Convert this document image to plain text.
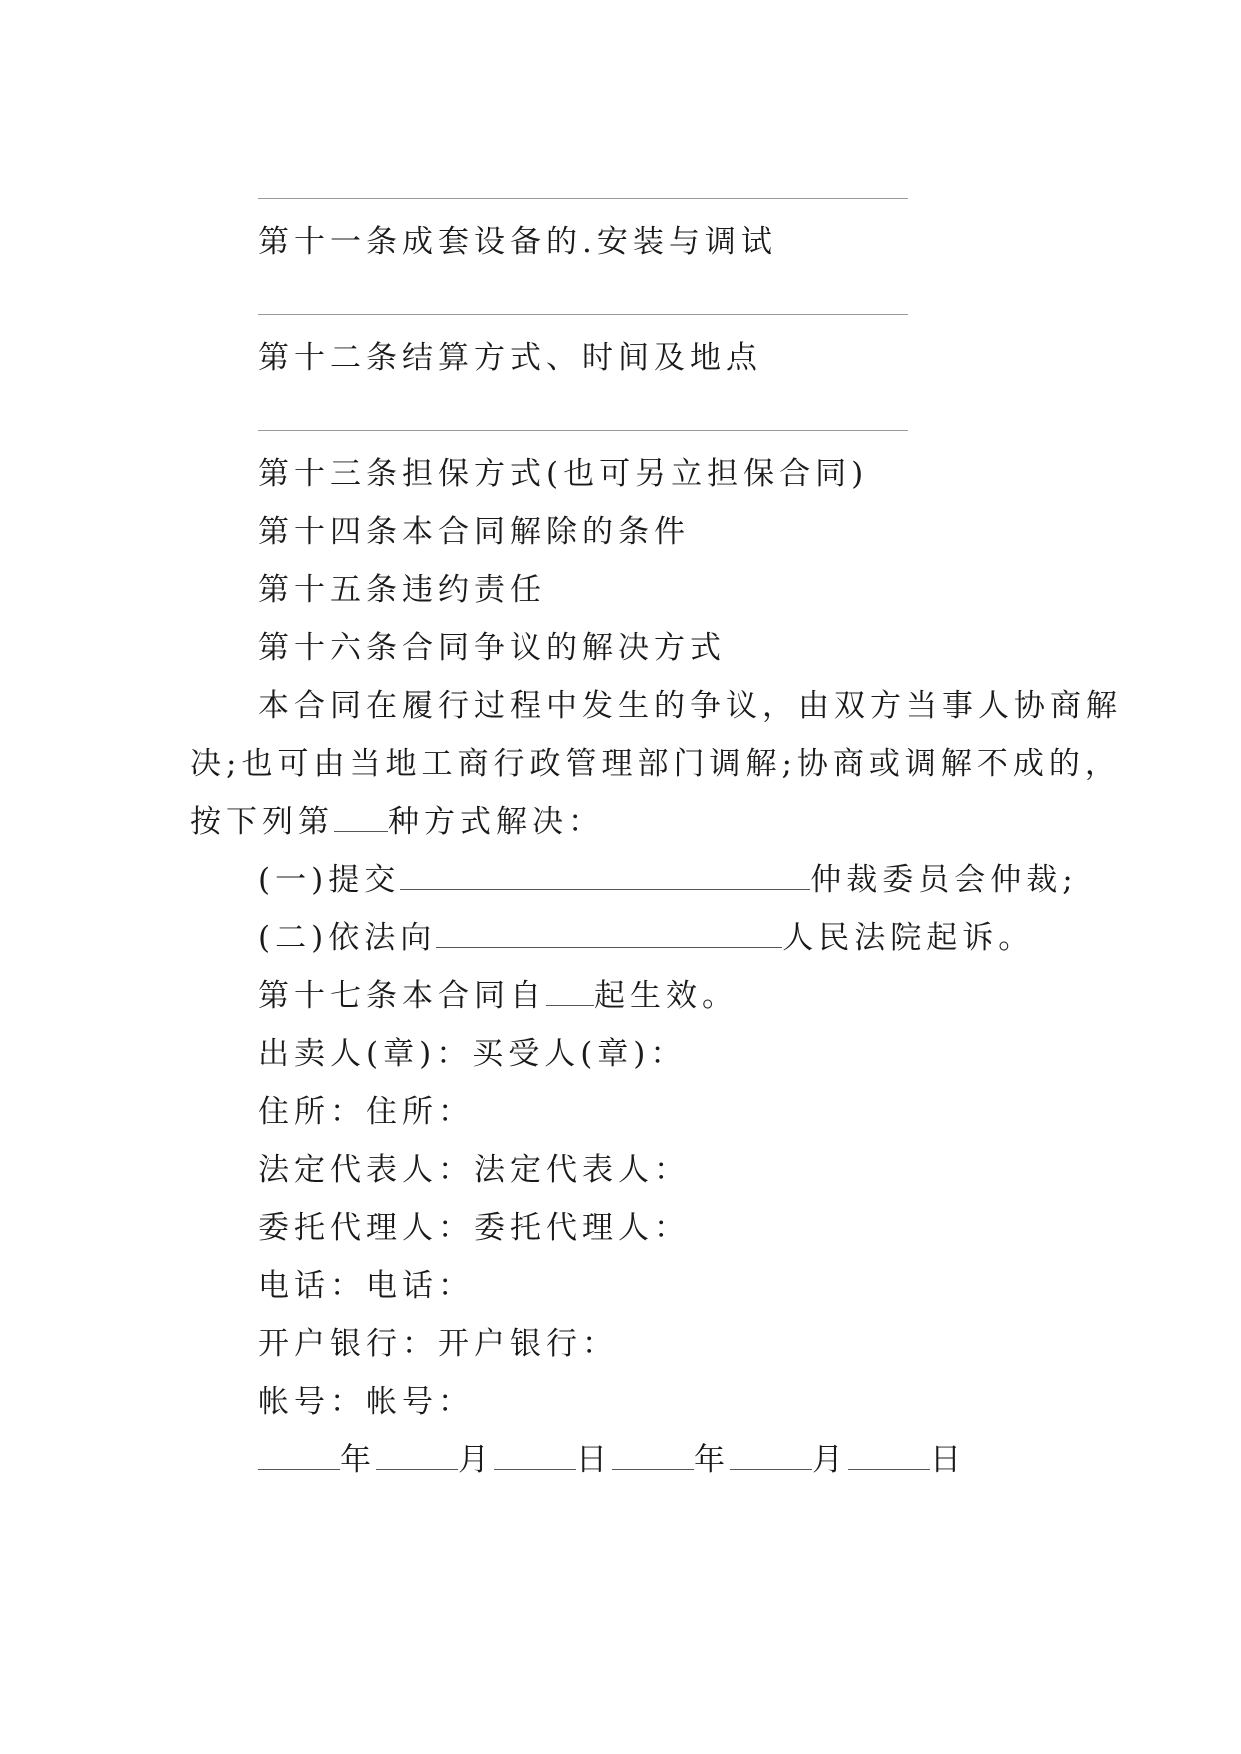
第十一条成套设备的.安装与调试
第十二条结算方式、时间及地点
第十三条担保方式(也可另立担保合同)
第十四条本合同解除的条件
第十五条违约责任
第十六条合同争议的解决方式
本合同在履行过程中发生的争议，由双方当事人协商解
决;也可由当地工商行政管理部门调解;协商或调解不成的，
按下列第 种方式解决：
(一)提交	仲裁委员会仲裁;
(二)依法向	人民法院起诉。
第十七条本合同自 起生效。
出卖人(章)：买受人(章)：
住所：住所：
法定代表人：法定代表人：
委托代理人：委托代理人：
电话：电话：
开户银行：开户银行：
帐号：帐号：
年	月	日	年	月	日
